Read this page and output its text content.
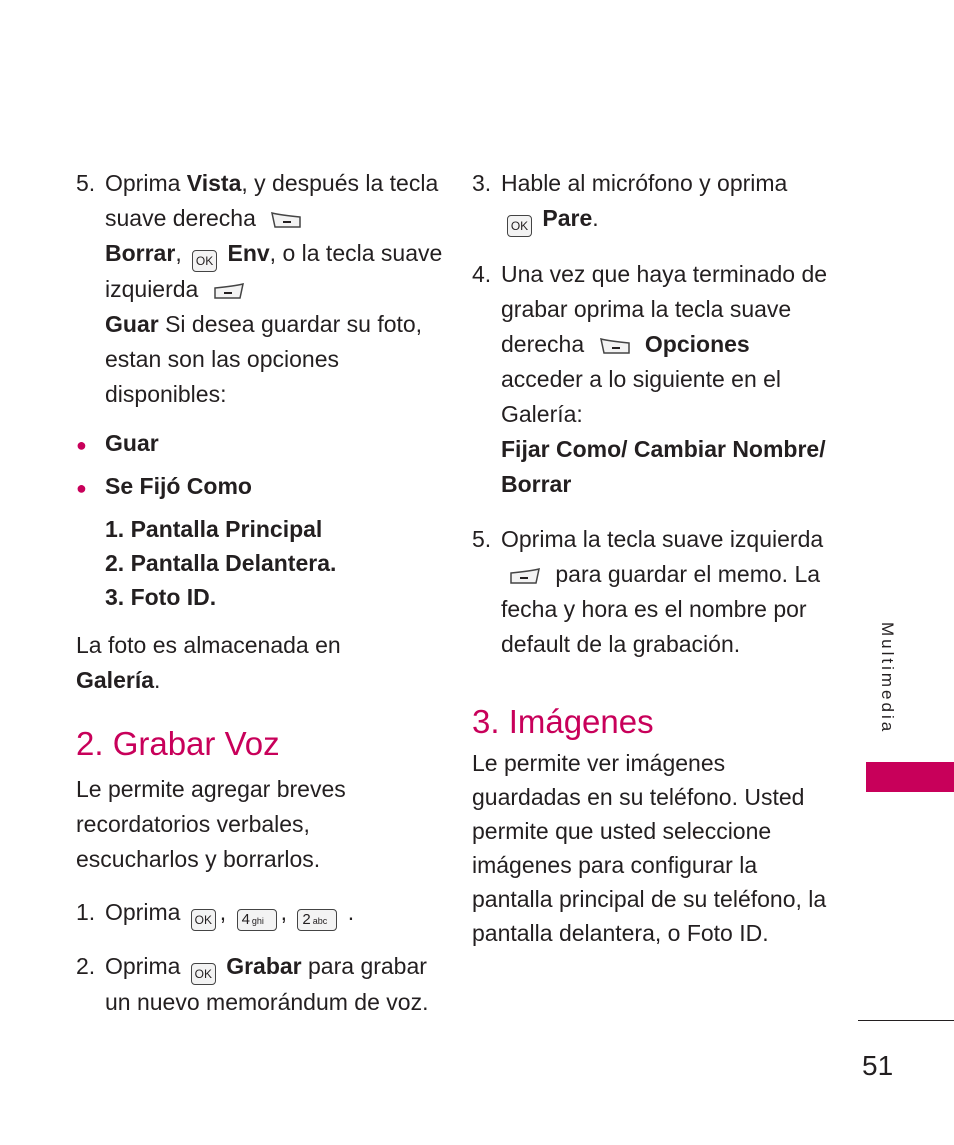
5. Oprima Vista, y después la tecla suave derecha

Borrar, OK Env, o la tecla suave izquierda

Guar Si desea guardar su foto, estan son las opciones disponibles:

● Guar
● Se Fijó Como

1. Pantalla Principal

2. Pantalla Delantera.

3. Foto ID.

La foto es almacenada en Galería.

2. Grabar Voz

Le permite agregar breves recordatorios verbales, escucharlos y borrarlos.

1. Oprima OK , 4 ghi , 2 abc .

2. Oprima OK Grabar para grabar un nuevo memorándum de voz.

3. Hable al micrófono y oprima
OK Pare.

4. Una vez que haya terminado de grabar oprima la tecla suave derecha	Opciones acceder a lo siguiente en el Galería:
Fijar Como/ Cambiar Nombre/ Borrar

5. Oprima la tecla suave izquierda
para guardar el memo. La fecha y hora es el nombre por default de la grabación.

3. Imágenes

Le permite ver imágenes guardadas en su teléfono. Usted permite que usted seleccione imágenes para configurar la pantalla principal de su teléfono, la pantalla delantera, o Foto ID.

Multimedia
51
